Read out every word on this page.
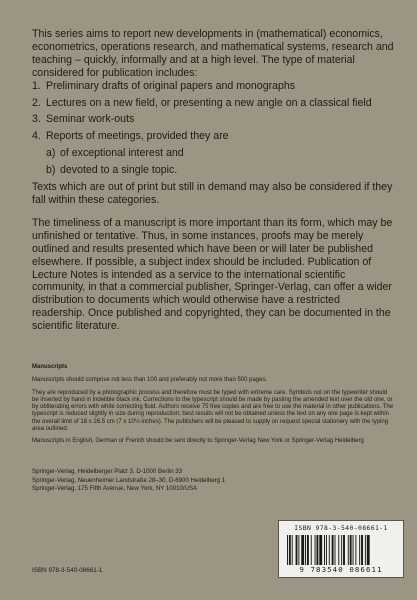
This series aims to report new developments in (mathematical) economics, econometrics, operations research, and mathematical systems, research and teaching – quickly, informally and at a high level. The type of material considered for publication includes:

1. Preliminary drafts of original papers and monographs
2. Lectures on a new field, or presenting a new angle on a classical field
3. Seminar work-outs
4. Reports of meetings, provided they are
a) of exceptional interest and
b) devoted to a single topic.

Texts which are out of print but still in demand may also be considered if they fall within these categories.

The timeliness of a manuscript is more important than its form, which may be unfinished or tentative. Thus, in some instances, proofs may be merely outlined and results presented which have been or will later be published elsewhere. If possible, a subject index should be included. Publication of Lecture Notes is intended as a service to the international scientific community, in that a commercial publisher, Springer-Verlag, can offer a wider distribution to documents which would otherwise have a restricted readership. Once published and copyrighted, they can be documented in the scientific literature.

Manuscripts

Manuscripts should comprise not less than 100 and preferably not more than 500 pages.

They are reproduced by a photographic process and therefore must be typed with extreme care. Symbols not on the typewriter should be inserted by hand in indelible black ink. Corrections to the typescript should be made by pasting the amended text over the old one, or by obliterating errors with white correcting fluid. Authors receive 75 free copies and are free to use the material in other publications. The typescript is reduced slightly in size during reproduction; best results will not be obtained unless the text on any one page is kept within the overall limit of 18 x 26.5 cm (7 x 10½ inches). The publishers will be pleased to supply on request special stationery with the typing area outlined.

Manuscripts in English, German or French should be sent directly to Springer-Verlag New York or Springer-Verlag Heidelberg

Springer-Verlag, Heidelberger Platz 3, D-1000 Berlin 33
Springer-Verlag, Neuenheimer Landstraße 28–30, D-6900 Heidelberg 1
Springer-Verlag, 175 Fifth Avenue, New York, NY 10010/USA
ISBN 978-3-540-08661-1
9 783540 086611
ISBN 978-3-540-08661-1
